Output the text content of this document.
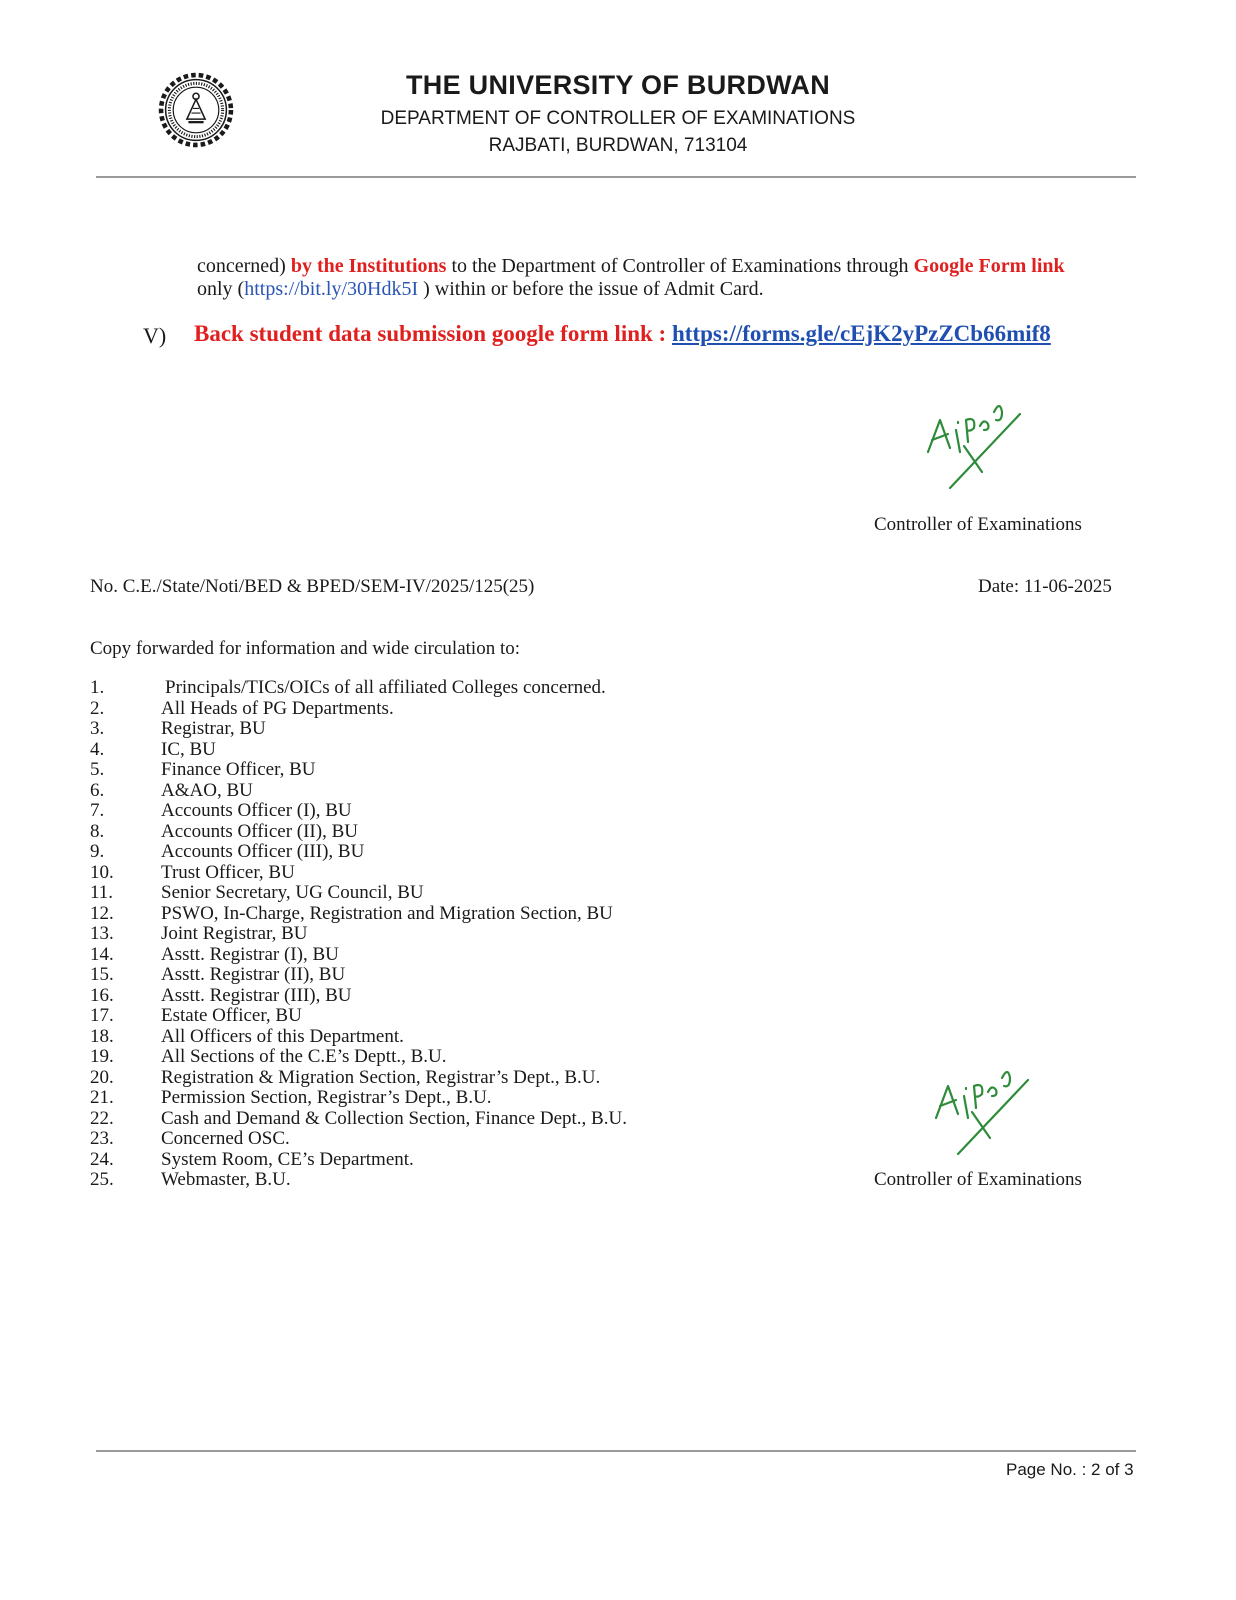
THE UNIVERSITY OF BURDWAN
DEPARTMENT OF CONTROLLER OF EXAMINATIONS
RAJBATI, BURDWAN, 713104
concerned) by the Institutions to the Department of Controller of Examinations through Google Form link
only (https://bit.ly/30Hdk5I ) within or before the issue of Admit Card.
V) Back student data submission google form link : https://forms.gle/cEjK2yPzZCb66mif8
Controller of Examinations
No. C.E./State/Noti/BED & BPED/SEM-IV/2025/125(25)	Date: 11-06-2025
Copy forwarded for information and wide circulation to:
1.	Principals/TICs/OICs of all affiliated Colleges concerned.
2.	All Heads of PG Departments.
3.	Registrar, BU
4.	IC, BU
5.	Finance Officer, BU
6.	A&AO, BU
7.	Accounts Officer (I), BU
8.	Accounts Officer (II), BU
9.	Accounts Officer (III), BU
10. Trust Officer, BU
11.	Senior Secretary, UG Council, BU
12. PSWO, In-Charge, Registration and Migration Section, BU
13. Joint Registrar, BU
14. Asstt. Registrar (I), BU
15. Asstt. Registrar (II), BU
16. Asstt. Registrar (III), BU
17. Estate Officer, BU
18. All Officers of this Department.
19. All Sections of the C.E’s Deptt., B.U.
20. Registration & Migration Section, Registrar’s Dept., B.U.
21. Permission Section, Registrar’s Dept., B.U.
22. Cash and Demand & Collection Section, Finance Dept., B.U.
23. Concerned OSC.
24. System Room, CE’s Department.
25. Webmaster, B.U.	Controller of Examinations
Page No. : 2 of 3
